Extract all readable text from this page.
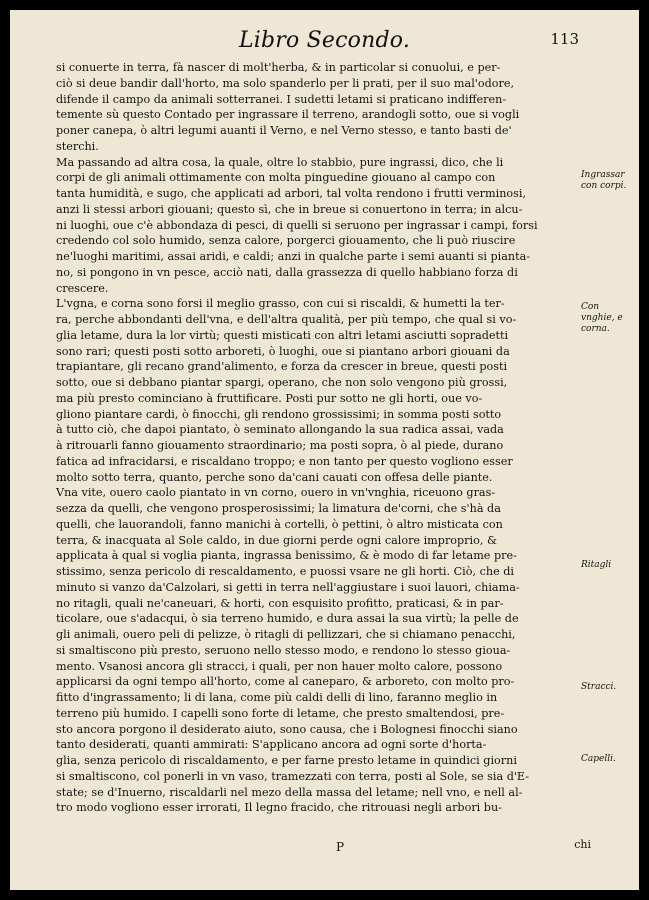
Libro Secondo.	113
si conuerte in terra, fà nascer di molt'herba, & in particolar si conuolui, e per-
ciò si deue bandir dall'horto, ma solo spanderlo per li prati, per il suo mal'odore,
difende il campo da animali sotterranei. I sudetti letami si praticano indifferen-
temente sù questo Contado per ingrassare il terreno, arandogli sotto, oue si vogli
poner canepa, ò altri legumi auanti il Verno, e nel Verno stesso, e tanto basti de'
sterchi.
Ma passando ad altra cosa, la quale, oltre lo stabbio, pure ingrassi, dico, che li
corpi de gli animali ottimamente con molta pinguedine giouano al campo con
tanta humidità, e sugo, che applicati ad arbori, tal volta rendono i frutti verminosi,
anzi li stessi arbori giouani; questo sì, che in breue si conuertono in terra; in alcu-
ni luoghi, oue c'è abbondaza di pesci, di quelli si seruono per ingrassar i campi, forsi
credendo col solo humido, senza calore, porgerci giouamento, che li può riuscire
ne'luoghi maritimi, assai aridi, e caldi; anzi in qualche parte i semi auanti si pianta-
no, si pongono in vn pesce, acciò nati, dalla grassezza di quello habbiano forza di
crescere.
L'vgna, e corna sono forsi il meglio grasso, con cui si riscaldi, & humetti la ter-
ra, perche abbondanti dell'vna, e dell'altra qualità, per più tempo, che qual si vo-
glia letame, dura la lor virtù; questi misticati con altri letami asciutti sopradetti
sono rari; questi posti sotto arboreti, ò luoghi, oue si piantano arbori giouani da
trapiantare, gli recano grand'alimento, e forza da crescer in breue, questi posti
sotto, oue si debbano piantar spargi, operano, che non solo vengono più grossi,
ma più presto cominciano à fruttificare. Posti pur sotto ne gli horti, oue vo-
gliono piantare cardi, ò finocchi, gli rendono grossissimi; in somma posti sotto
à tutto ciò, che dapoi piantato, ò seminato allongando la sua radica assai, vada
à ritrouarli fanno giouamento straordinario; ma posti sopra, ò al piede, durano
fatica ad infracidarsi, e riscaldano troppo; e non tanto per questo vogliono esser
molto sotto terra, quanto, perche sono da'cani cauati con offesa delle piante.
Vna vite, ouero caolo piantato in vn corno, ouero in vn'vnghia, riceuono gras-
sezza da quelli, che vengono prosperosissimi; la limatura de'corni, che s'hà da
quelli, che lauorandoli, fanno manichi à cortelli, ò pettini, ò altro misticata con
terra, & inacquata al Sole caldo, in due giorni perde ogni calore improprio, &
applicata à qual si voglia pianta, ingrassa benissimo, & è modo di far letame pre-
stissimo, senza pericolo di rescaldamento, e puossi vsare ne gli horti. Ciò, che di
minuto si vanzo da'Calzolari, si getti in terra nell'aggiustare i suoi lauori, chiama-
no ritagli, quali ne'caneuari, & horti, con esquisito profitto, praticasi, & in par-
ticolare, oue s'adacqui, ò sia terreno humido, e dura assai la sua virtù; la pelle de
gli animali, ouero peli di pelizze, ò ritagli di pellizzari, che si chiamano penacchi,
si smaltiscono più presto, seruono nello stesso modo, e rendono lo stesso gioua-
mento. Vsanosi ancora gli stracci, i quali, per non hauer molto calore, possono
applicarsi da ogni tempo all'horto, come al caneparo, & arboreto, con molto pro-
fitto d'ingrassamento; li di lana, come più caldi delli di lino, faranno meglio in
terreno più humido. I capelli sono forte di letame, che presto smaltendosi, pre-
sto ancora porgono il desiderato aiuto, sono causa, che i Bolognesi finocchi siano
tanto desiderati, quanti ammirati: S'applicano ancora ad ogni sorte d'horta-
glia, senza pericolo di riscaldamento, e per farne presto letame in quindici giorni
si smaltiscono, col ponerli in vn vaso, tramezzati con terra, posti al Sole, se sia d'E-
state; se d'Inuerno, riscaldarli nel mezo della massa del letame; nell vno, e nell al-
tro modo vogliono esser irrorati, Il legno fracido, che ritrouasi negli arbori bu-
Ingrassar con corpi.
Con vnghie, e corna.
Ritagli
Stracci.
Capelli.
P	chi
